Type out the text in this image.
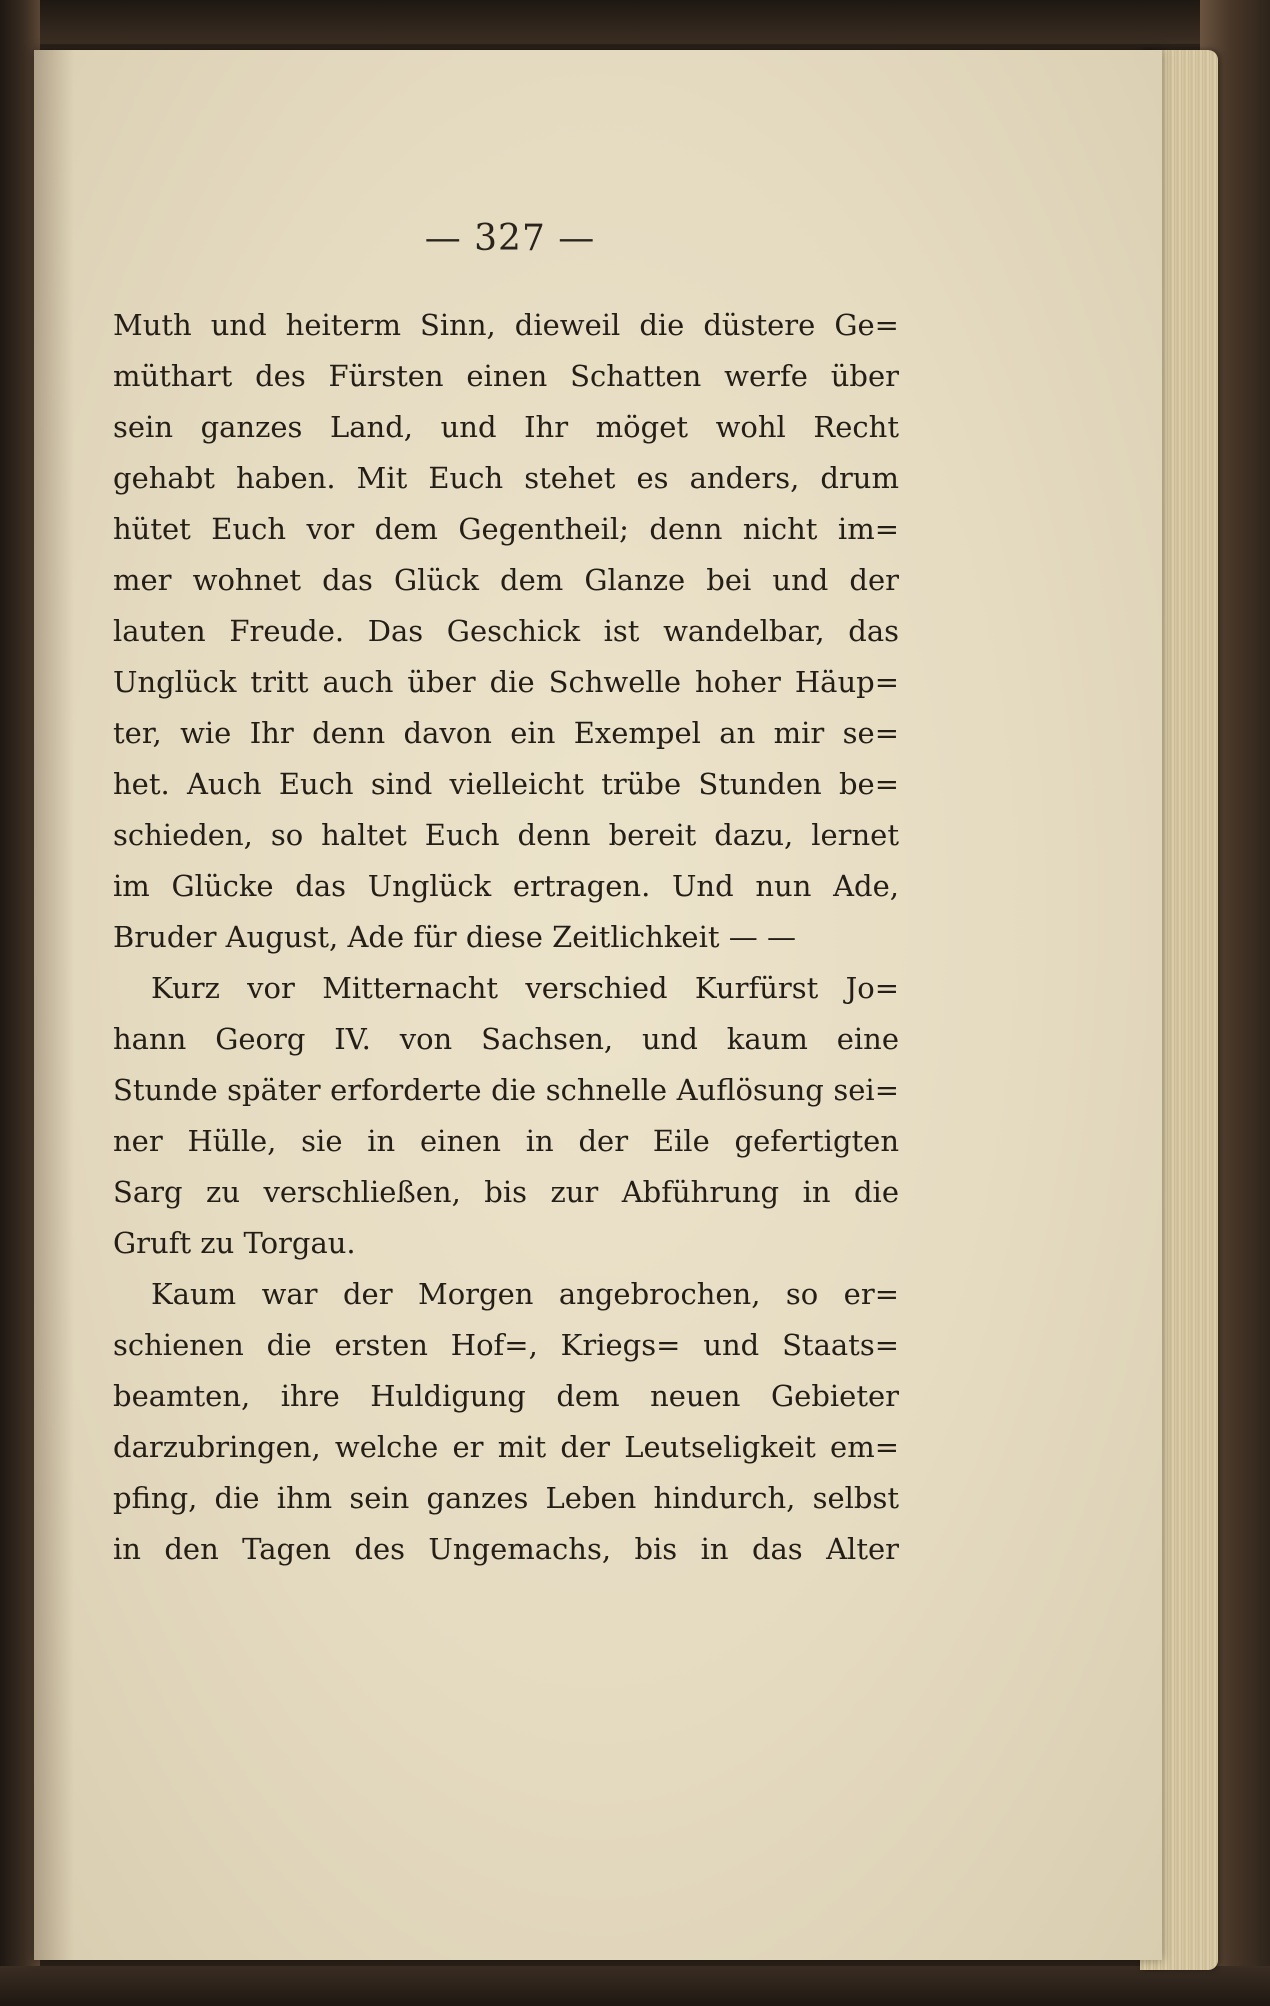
— 327 —
Muth und heiterm Sinn, dieweil die düstere Ge=
müthart des Fürsten einen Schatten werfe über
sein ganzes Land, und Ihr möget wohl Recht
gehabt haben. Mit Euch stehet es anders, drum
hütet Euch vor dem Gegentheil; denn nicht im=
mer wohnet das Glück dem Glanze bei und der
lauten Freude. Das Geschick ist wandelbar, das
Unglück tritt auch über die Schwelle hoher Häup=
ter, wie Ihr denn davon ein Exempel an mir se=
het. Auch Euch sind vielleicht trübe Stunden be=
schieden, so haltet Euch denn bereit dazu, lernet
im Glücke das Unglück ertragen. Und nun Ade,
Bruder August, Ade für diese Zeitlichkeit — —
Kurz vor Mitternacht verschied Kurfürst Jo=
hann Georg IV. von Sachsen, und kaum eine
Stunde später erforderte die schnelle Auflösung sei=
ner Hülle, sie in einen in der Eile gefertigten
Sarg zu verschließen, bis zur Abführung in die
Gruft zu Torgau.
Kaum war der Morgen angebrochen, so er=
schienen die ersten Hof=, Kriegs= und Staats=
beamten, ihre Huldigung dem neuen Gebieter
darzubringen, welche er mit der Leutseligkeit em=
pfing, die ihm sein ganzes Leben hindurch, selbst
in den Tagen des Ungemachs, bis in das Alter
